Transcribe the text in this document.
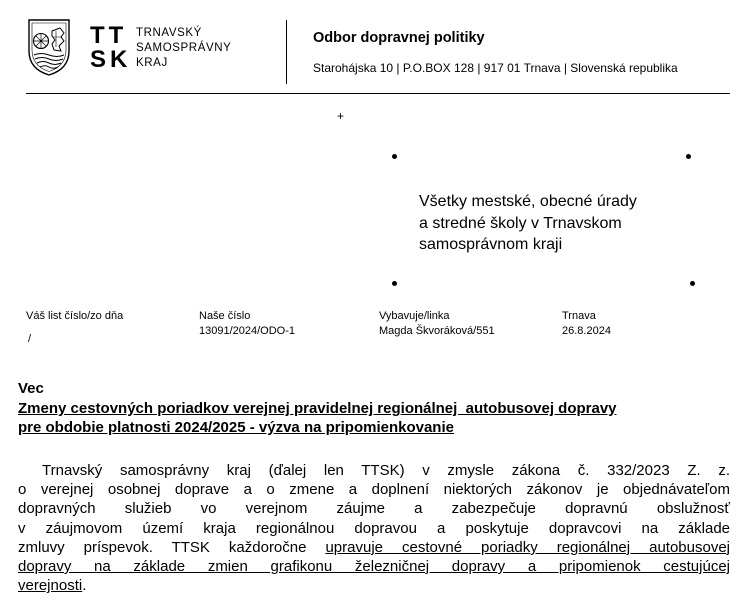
TT
SK
TRNAVSKÝ
SAMOSPRÁVNY
KRAJ
Odbor dopravnej politiky
Starohájska 10 | P.O.BOX 128 | 917 01 Trnava | Slovenská republika
+
Všetky mestské, obecné úrady
a stredné školy v Trnavskom
samosprávnom kraji
Váš list číslo/zo dňa
/
Naše číslo
13091/2024/ODO-1
Vybavuje/linka
Magda Škvoráková/551
Trnava
26.8.2024
Vec
Zmeny cestovných poriadkov verejnej pravidelnej regionálnej  autobusovej dopravy
pre obdobie platnosti 2024/2025 - výzva na pripomienkovanie
Trnavský samosprávny kraj (ďalej len TTSK) v zmysle zákona č. 332/2023 Z. z.
o verejnej osobnej doprave a o zmene a doplnení niektorých zákonov je objednávateľom
dopravných služieb vo verejnom záujme a zabezpečuje dopravnú obslužnosť
v záujmovom území kraja regionálnou dopravou a poskytuje dopravcovi na základe
zmluvy príspevok. TTSK každoročne upravuje cestovné poriadky regionálnej autobusovej
dopravy na základe zmien grafikonu železničnej dopravy a pripomienok cestujúcej
verejnosti.
